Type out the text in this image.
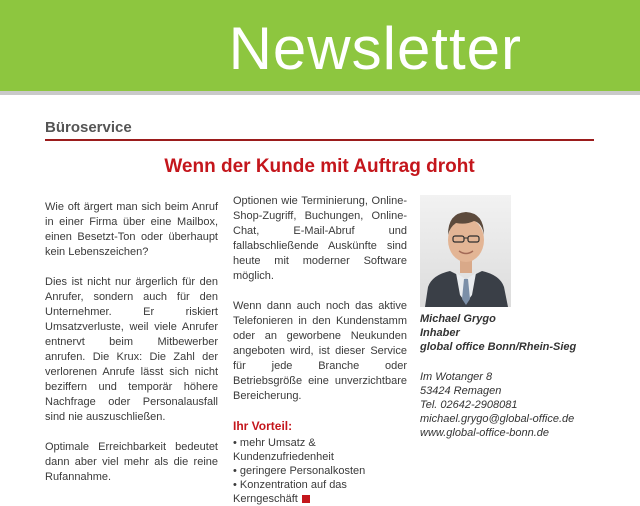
Newsletter
Büroservice
Wenn der Kunde mit Auftrag droht

Wie oft ärgert man sich beim Anruf in einer Firma über eine Mailbox, einen Besetzt-Ton oder überhaupt kein Lebenszeichen?

Dies ist nicht nur ärgerlich für den Anrufer, sondern auch für den Unternehmer. Er riskiert Umsatzverluste, weil viele Anrufer entnervt beim Mitbewerber anrufen. Die Krux: Die Zahl der verlorenen Anrufe lässt sich nicht beziffern und temporär höhere Nachfrage oder Personalausfall sind nie auszuschließen.

Optimale Erreichbarkeit bedeutet dann aber viel mehr als die reine Rufannahme.

Optionen wie Terminierung, Online-Shop-Zugriff, Buchungen, Online-Chat, E-Mail-Abruf und fallabschließende Auskünfte sind heute mit moderner Software möglich.

Wenn dann auch noch das aktive Telefonieren in den Kundenstamm oder an geworbene Neukunden angeboten wird, ist dieser Service für jede Branche oder Betriebsgröße eine unverzichtbare Bereicherung.

Ihr Vorteil:
• mehr Umsatz & Kundenzufriedenheit
• geringere Personalkosten
• Konzentration auf das Kerngeschäft
Michael Grygo
Inhaber
global office Bonn/Rhein-Sieg
Im Wotanger 8
53424 Remagen
Tel. 02642-2908081
michael.grygo@global-office.de
www.global-office-bonn.de
